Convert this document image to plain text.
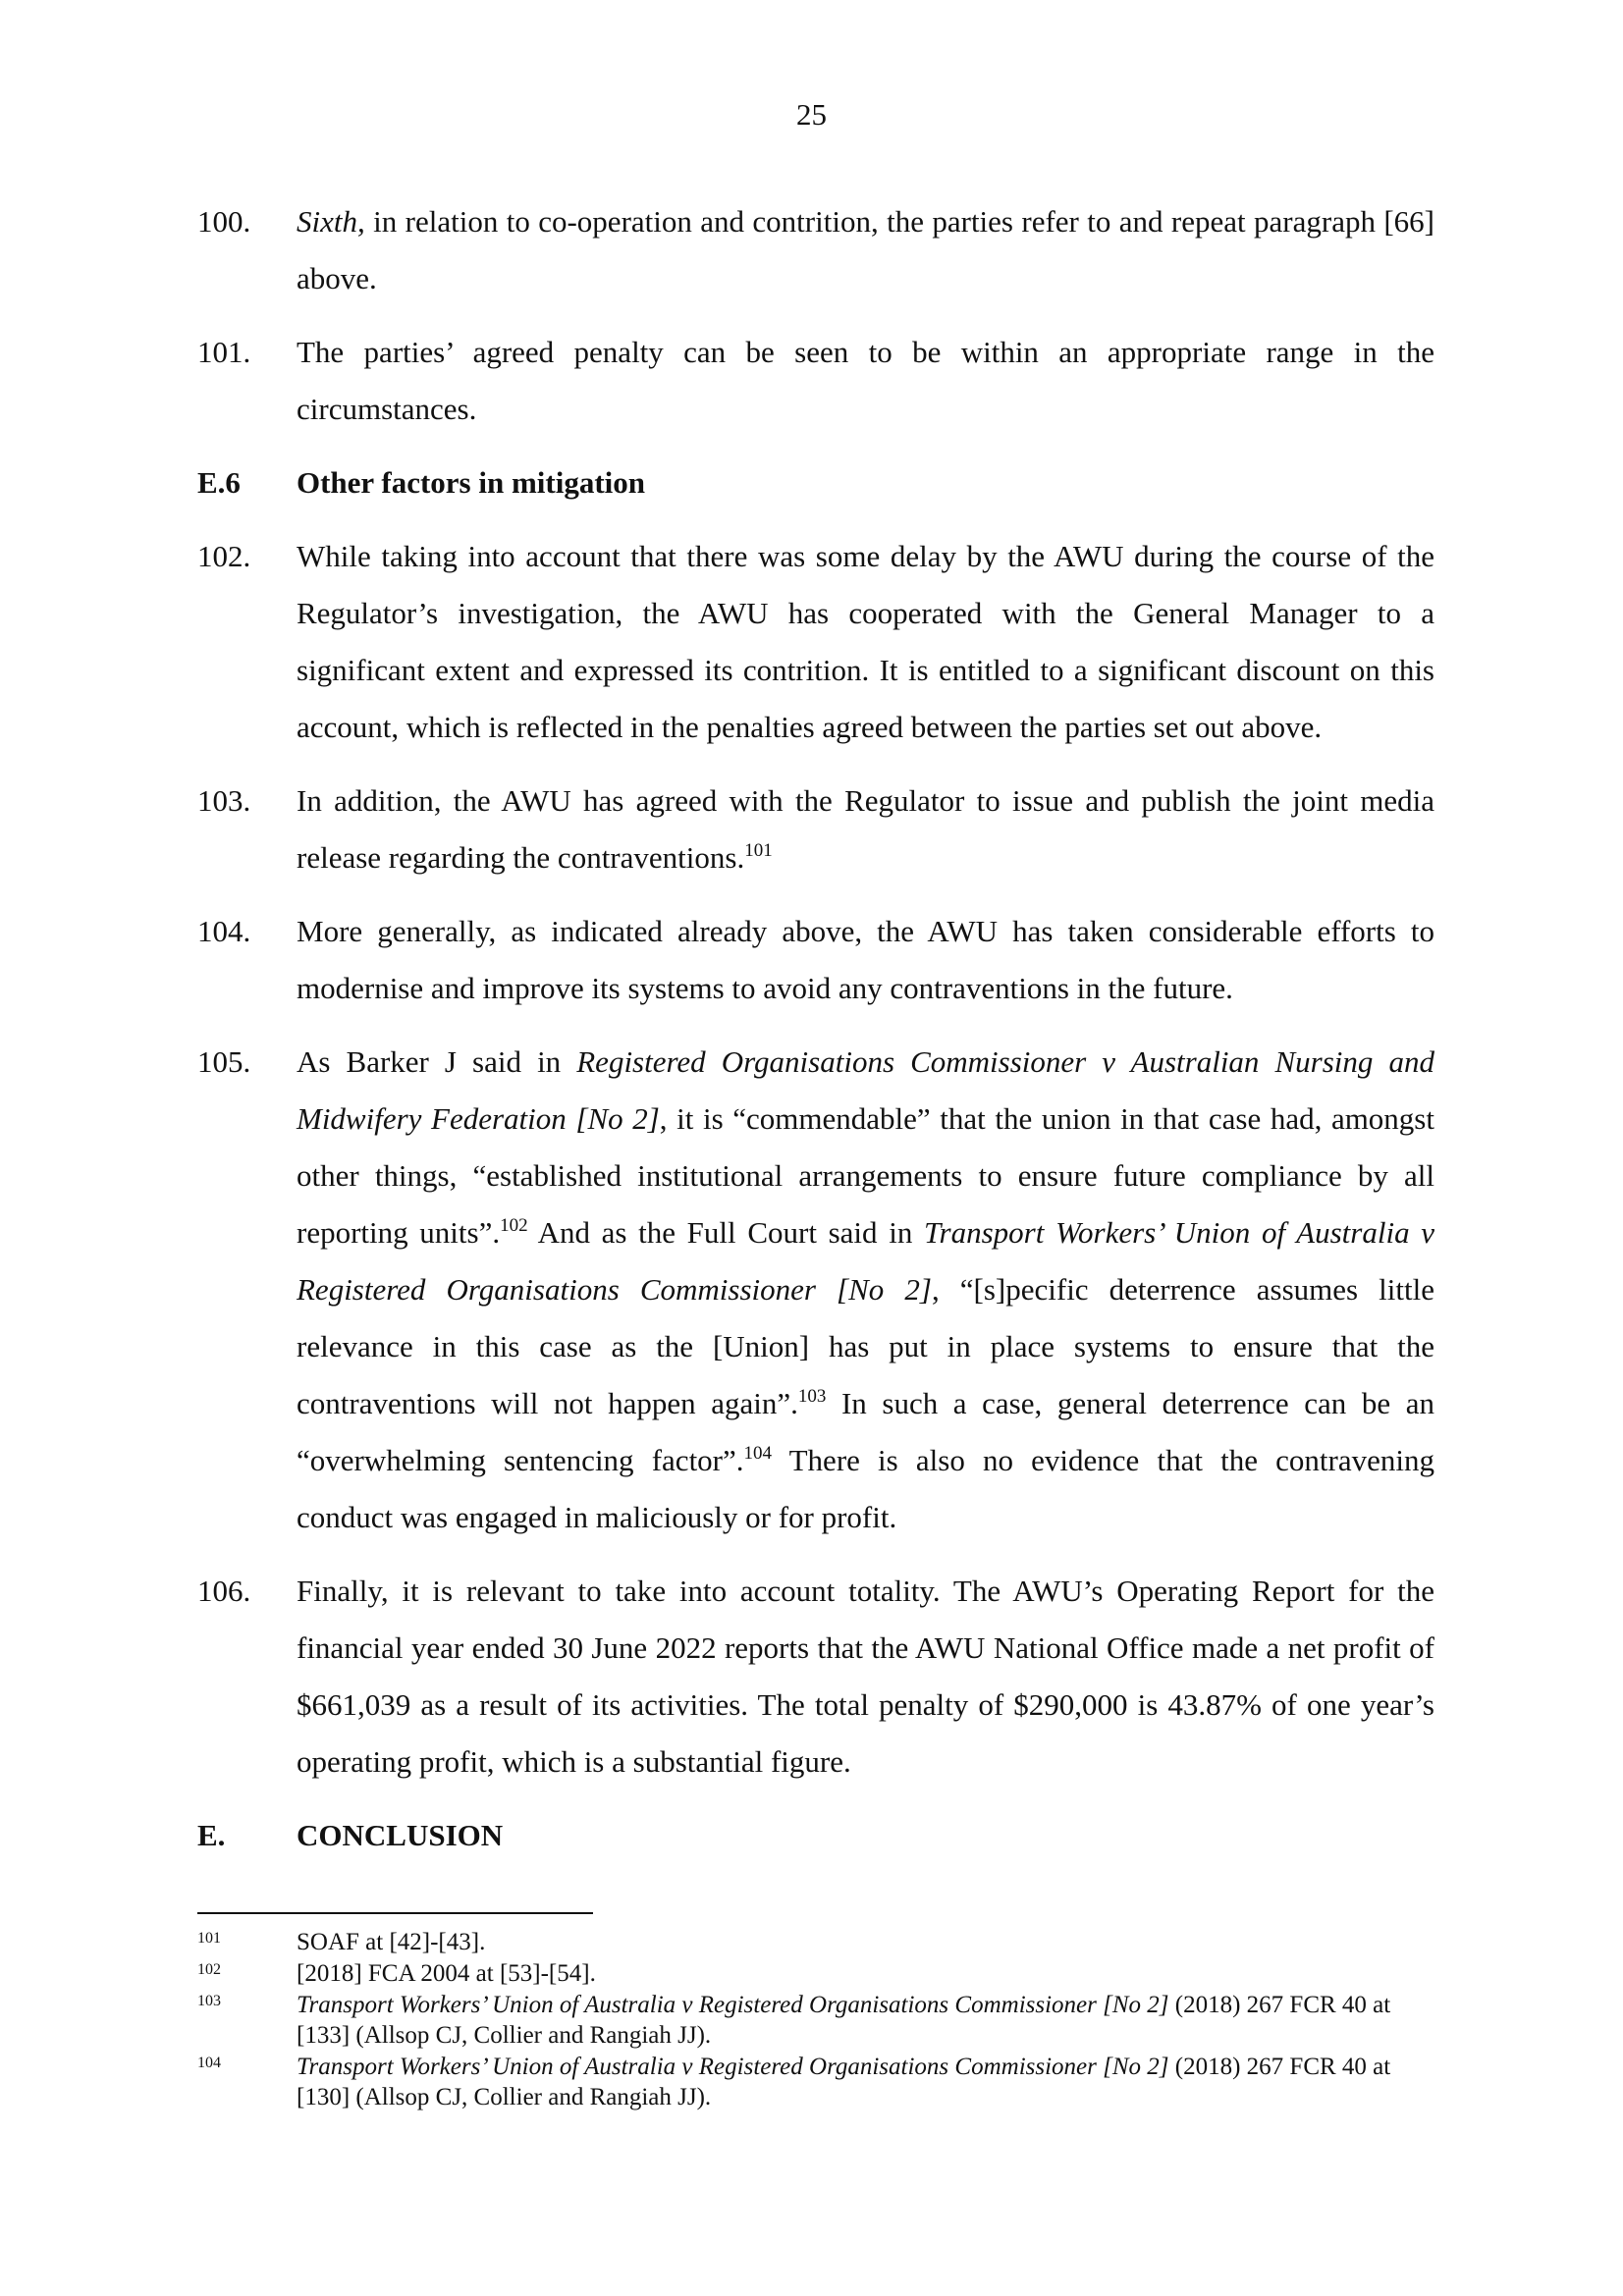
25
100.	Sixth, in relation to co-operation and contrition, the parties refer to and repeat paragraph [66] above.
101.	The parties’ agreed penalty can be seen to be within an appropriate range in the circumstances.
E.6	Other factors in mitigation
102.	While taking into account that there was some delay by the AWU during the course of the Regulator’s investigation, the AWU has cooperated with the General Manager to a significant extent and expressed its contrition. It is entitled to a significant discount on this account, which is reflected in the penalties agreed between the parties set out above.
103.	In addition, the AWU has agreed with the Regulator to issue and publish the joint media release regarding the contraventions.$^{101}$
104.	More generally, as indicated already above, the AWU has taken considerable efforts to modernise and improve its systems to avoid any contraventions in the future.
105.	As Barker J said in Registered Organisations Commissioner v Australian Nursing and Midwifery Federation [No 2], it is “commendable” that the union in that case had, amongst other things, “established institutional arrangements to ensure future compliance by all reporting units”.$^{102}$ And as the Full Court said in Transport Workers’ Union of Australia v Registered Organisations Commissioner [No 2], “[s]pecific deterrence assumes little relevance in this case as the [Union] has put in place systems to ensure that the contraventions will not happen again”.$^{103}$ In such a case, general deterrence can be an “overwhelming sentencing factor”.$^{104}$ There is also no evidence that the contravening conduct was engaged in maliciously or for profit.
106.	Finally, it is relevant to take into account totality. The AWU’s Operating Report for the financial year ended 30 June 2022 reports that the AWU National Office made a net profit of $661,039 as a result of its activities. The total penalty of $290,000 is 43.87% of one year’s operating profit, which is a substantial figure.
E.	CONCLUSION
101	SOAF at [42]-[43].
102	[2018] FCA 2004 at [53]-[54].
103	Transport Workers’ Union of Australia v Registered Organisations Commissioner [No 2] (2018) 267 FCR 40 at [133] (Allsop CJ, Collier and Rangiah JJ).
104	Transport Workers’ Union of Australia v Registered Organisations Commissioner [No 2] (2018) 267 FCR 40 at [130] (Allsop CJ, Collier and Rangiah JJ).
